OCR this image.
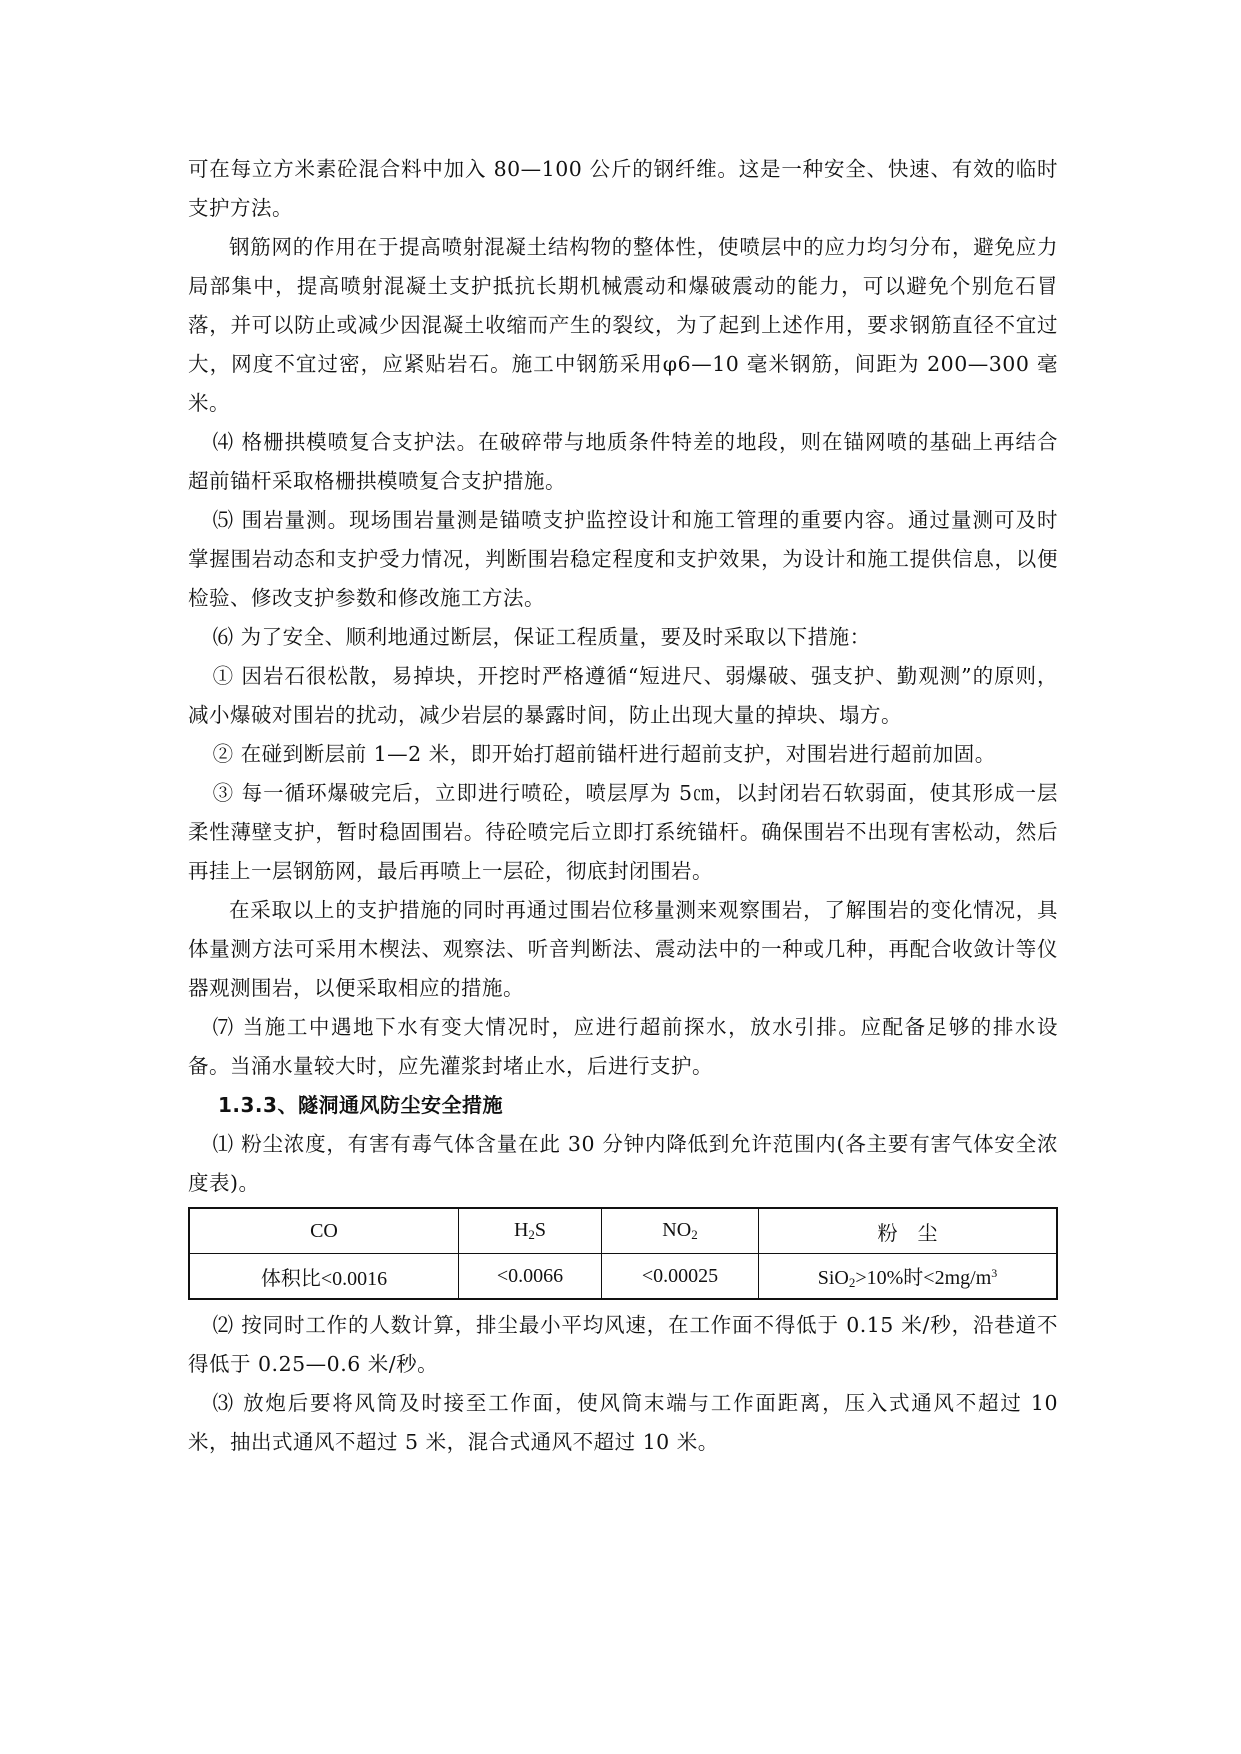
可在每立方米素砼混合料中加入 80—100 公斤的钢纤维。这是一种安全、快速、有效的临时支护方法。

钢筋网的作用在于提高喷射混凝土结构物的整体性，使喷层中的应力均匀分布，避免应力局部集中，提高喷射混凝土支护抵抗长期机械震动和爆破震动的能力，可以避免个别危石冒落，并可以防止或减少因混凝土收缩而产生的裂纹，为了起到上述作用，要求钢筋直径不宜过大，网度不宜过密，应紧贴岩石。施工中钢筋采用φ6—10 毫米钢筋，间距为 200—300 毫米。

⑷ 格栅拱模喷复合支护法。在破碎带与地质条件特差的地段，则在锚网喷的基础上再结合超前锚杆采取格栅拱模喷复合支护措施。

⑸ 围岩量测。现场围岩量测是锚喷支护监控设计和施工管理的重要内容。通过量测可及时掌握围岩动态和支护受力情况，判断围岩稳定程度和支护效果，为设计和施工提供信息，以便检验、修改支护参数和修改施工方法。

⑹ 为了安全、顺利地通过断层，保证工程质量，要及时采取以下措施：

① 因岩石很松散，易掉块，开挖时严格遵循“短进尺、弱爆破、强支护、勤观测”的原则，减小爆破对围岩的扰动，减少岩层的暴露时间，防止出现大量的掉块、塌方。

② 在碰到断层前 1—2 米，即开始打超前锚杆进行超前支护，对围岩进行超前加固。

③ 每一循环爆破完后，立即进行喷砼，喷层厚为 5㎝，以封闭岩石软弱面，使其形成一层柔性薄壁支护，暂时稳固围岩。待砼喷完后立即打系统锚杆。确保围岩不出现有害松动，然后再挂上一层钢筋网，最后再喷上一层砼，彻底封闭围岩。

在采取以上的支护措施的同时再通过围岩位移量测来观察围岩，了解围岩的变化情况，具体量测方法可采用木楔法、观察法、听音判断法、震动法中的一种或几种，再配合收敛计等仪器观测围岩，以便采取相应的措施。

⑺ 当施工中遇地下水有变大情况时，应进行超前探水，放水引排。应配备足够的排水设备。当涌水量较大时，应先灌浆封堵止水，后进行支护。

1.3.3、隧洞通风防尘安全措施

⑴ 粉尘浓度，有害有毒气体含量在此 30 分钟内降低到允许范围内(各主要有害气体安全浓度表)。

CO	$H_2S$	$NO_2$	粉　尘
体积比<0.0016	<0.0066	<0.00025	SiO$_2$>10%时$<2mg/m^3$

⑵ 按同时工作的人数计算，排尘最小平均风速，在工作面不得低于 0.15 米/秒，沿巷道不得低于 0.25—0.6 米/秒。

⑶ 放炮后要将风筒及时接至工作面，使风筒末端与工作面距离，压入式通风不超过 10 米，抽出式通风不超过 5 米，混合式通风不超过 10 米。
